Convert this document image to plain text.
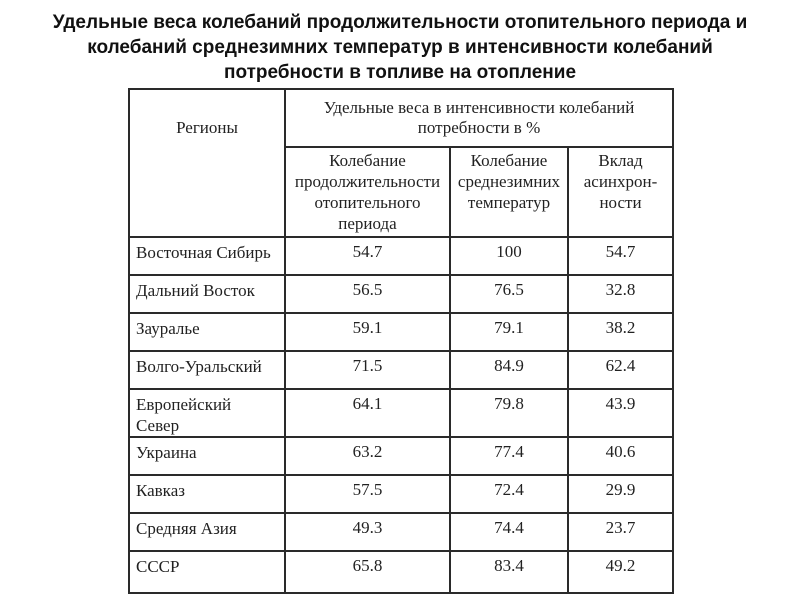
Удельные веса колебаний продолжительности отопительного периода и
колебаний среднезимних температур в интенсивности колебаний
потребности в топливе на отопление
Регионы	Удельные веса в интенсивности колебаний потребности в %		
	Колебание продолжительности отопительного периода	Колебание среднезимних температур	Вклад асинхрон-ности
Восточная Сибирь	54.7	100	54.7
Дальний Восток	56.5	76.5	32.8
Зауралье	59.1	79.1	38.2
Волго-Уральский	71.5	84.9	62.4
Европейский Север	64.1	79.8	43.9
Украина	63.2	77.4	40.6
Кавказ	57.5	72.4	29.9
Средняя Азия	49.3	74.4	23.7
СССР	65.8	83.4	49.2
